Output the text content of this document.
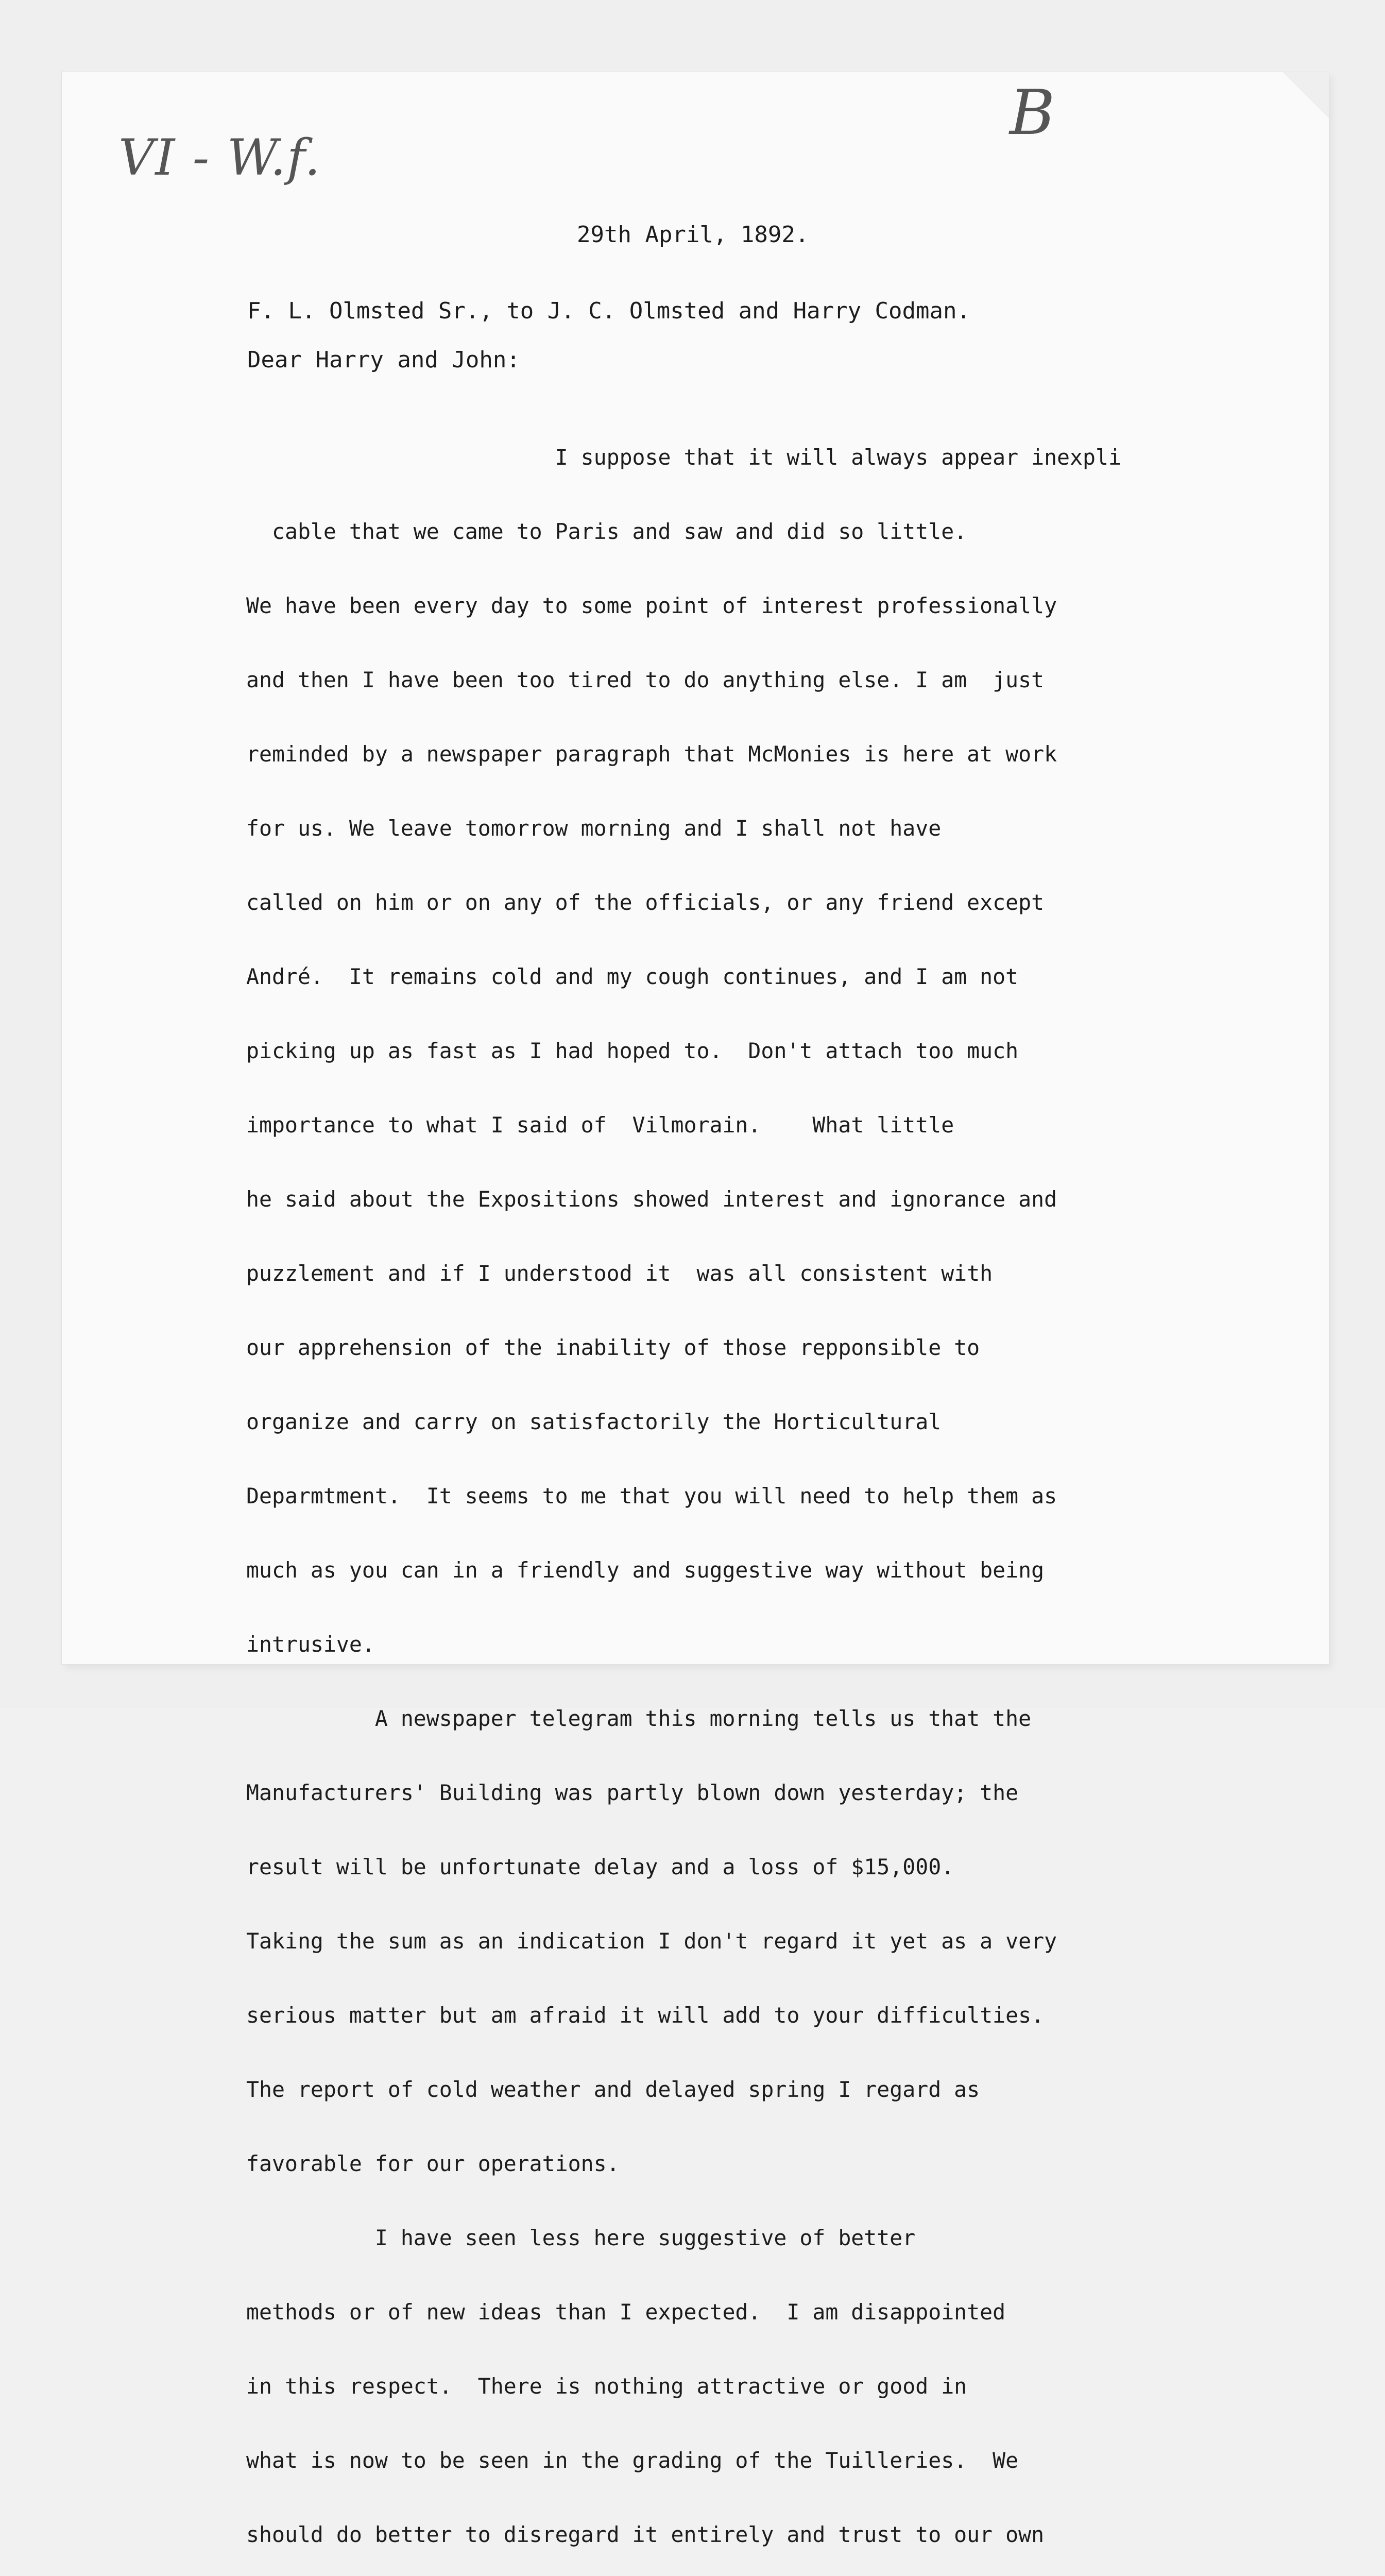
VI - W.f.
B
29th April, 1892.
F. L. Olmsted Sr., to J. C. Olmsted and Harry Codman.
Dear Harry and John:

I suppose that it will always appear inexpli

cable that we came to Paris and saw and did so little.

We have been every day to some point of interest professionally

and then I have been too tired to do anything else. I am  just

reminded by a newspaper paragraph that McMonies is here at work

for us. We leave tomorrow morning and I shall not have

called on him or on any of the officials, or any friend except

André.  It remains cold and my cough continues, and I am not

picking up as fast as I had hoped to.  Don't attach too much

importance to what I said of  Vilmorain.    What little

he said about the Expositions showed interest and ignorance and

puzzlement and if I understood it  was all consistent with

our apprehension of the inability of those repponsible to

organize and carry on satisfactorily the Horticultural

Deparmtment.  It seems to me that you will need to help them as

much as you can in a friendly and suggestive way without being

intrusive.

A newspaper telegram this morning tells us that the

Manufacturers' Building was partly blown down yesterday; the

result will be unfortunate delay and a loss of $15,000.

Taking the sum as an indication I don't regard it yet as a very

serious matter but am afraid it will add to your difficulties.

The report of cold weather and delayed spring I regard as

favorable for our operations.

I have seen less here suggestive of better

methods or of new ideas than I expected.  I am disappointed

in this respect.  There is nothing attractive or good in

what is now to be seen in the grading of the Tuilleries.  We

should do better to disregard it entirely and trust to our own
